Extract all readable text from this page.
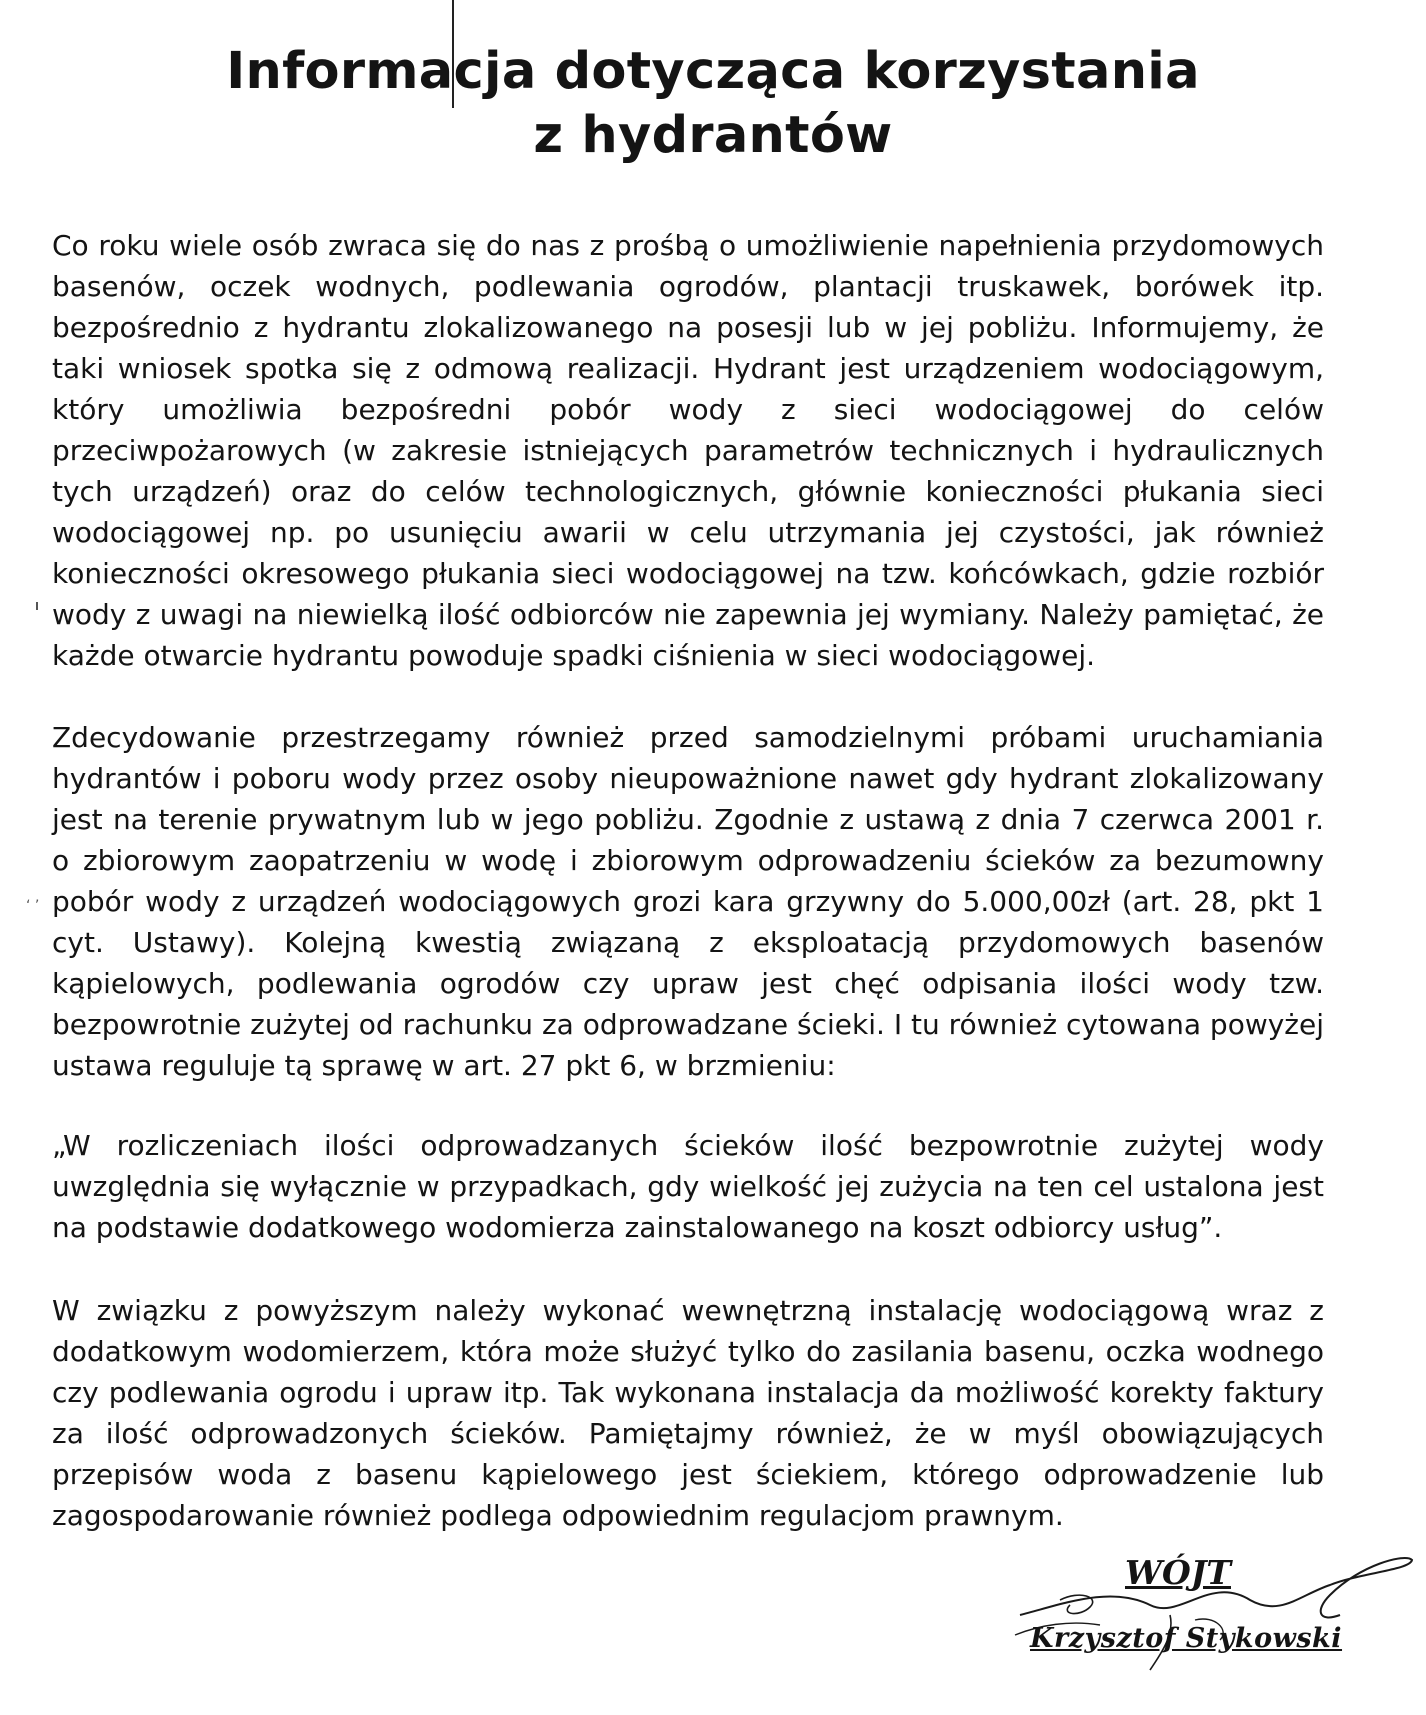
‘ ’
Informacja dotycząca korzystania
z hydrantów

Co roku wiele osób zwraca się do nas z prośbą o umożliwienie napełnienia przydomowych basenów, oczek wodnych, podlewania ogrodów, plantacji truskawek, borówek itp. bezpośrednio z hydrantu zlokalizowanego na posesji lub w jej pobliżu. Informujemy, że taki wniosek spotka się z odmową realizacji. Hydrant jest urządzeniem wodociągowym, który umożliwia bezpośredni pobór wody z sieci wodociągowej do celów przeciwpożarowych (w zakresie istniejących parametrów technicznych i hydraulicznych tych urządzeń) oraz do celów technologicznych, głównie konieczności płukania sieci wodociągowej np. po usunięciu awarii w celu utrzymania jej czystości, jak również konieczności okresowego płukania sieci wodociągowej na tzw. końcówkach, gdzie rozbiór wody z uwagi na niewielką ilość odbiorców nie zapewnia jej wymiany. Należy pamiętać, że każde otwarcie hydrantu powoduje spadki ciśnienia w sieci wodociągowej.

Zdecydowanie przestrzegamy również przed samodzielnymi próbami uruchamiania hydrantów i poboru wody przez osoby nieupoważnione nawet gdy hydrant zlokalizowany jest na terenie prywatnym lub w jego pobliżu. Zgodnie z ustawą z dnia 7 czerwca 2001 r. o zbiorowym zaopatrzeniu w wodę i zbiorowym odprowadzeniu ścieków za bezumowny pobór wody z urządzeń wodociągowych grozi kara grzywny do 5.000,00zł (art. 28, pkt 1 cyt. Ustawy). Kolejną kwestią związaną z eksploatacją przydomowych basenów kąpielowych, podlewania ogrodów czy upraw jest chęć odpisania ilości wody tzw. bezpowrotnie zużytej od rachunku za odprowadzane ścieki. I tu również cytowana powyżej ustawa reguluje tą sprawę w art. 27 pkt 6, w brzmieniu:

„W rozliczeniach ilości odprowadzanych ścieków ilość bezpowrotnie zużytej wody uwzględnia się wyłącznie w przypadkach, gdy wielkość jej zużycia na ten cel ustalona jest na podstawie dodatkowego wodomierza zainstalowanego na koszt odbiorcy usług”.

W związku z powyższym należy wykonać wewnętrzną instalację wodociągową wraz z dodatkowym wodomierzem, która może służyć tylko do zasilania basenu, oczka wodnego czy podlewania ogrodu i upraw itp. Tak wykonana instalacja da możliwość korekty faktury za ilość odprowadzonych ścieków. Pamiętajmy również, że w myśl obowiązujących przepisów woda z basenu kąpielowego jest ściekiem, którego odprowadzenie lub zagospodarowanie również podlega odpowiednim regulacjom prawnym.

WÓJT
Krzysztof Stykowski
